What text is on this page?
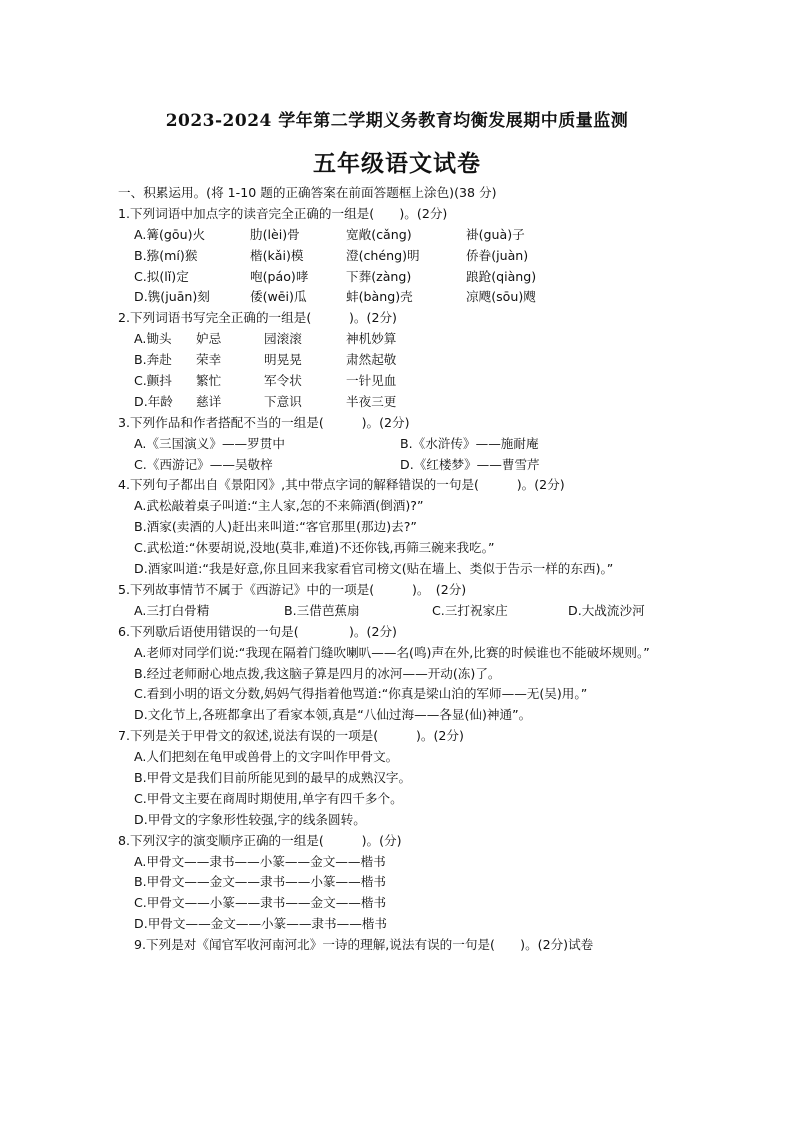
2023-2024 学年第二学期义务教育均衡发展期中质量监测
五年级语文试卷
一、积累运用。(将 1-10 题的正确答案在前面答题框上涂色)(38 分)
1.下列词语中加点字的读音完全正确的一组是(　　)。(2分)
A.篝(gōu)火	肋(lèi)骨	宽敞(cǎng)	褂(guà)子
B.猕(mí)猴	楷(kǎi)模	澄(chéng)明	侨眷(juàn)
C.拟(lǐ)定	咆(páo)哮	下葬(zàng)	踉跄(qiàng)
D.镌(juān)刻	倭(wēi)瓜	蚌(bàng)壳	凉飕(sōu)飕
2.下列词语书写完全正确的一组是(　　　)。(2分)
A.锄头	妒忌	园滚滚	神机妙算
B.奔赴	荣幸	明晃晃	肃然起敬
C.颤抖	繁忙	军令状	一针见血
D.年龄	慈详	下意识	半夜三更
3.下列作品和作者搭配不当的一组是(　　　)。(2分)
A.《三国演义》——罗贯中	B.《水浒传》——施耐庵
C.《西游记》——吴敬梓	D.《红楼梦》——曹雪芹
4.下列句子都出自《景阳冈》,其中带点字词的解释错误的一句是(　　　)。(2分)
A.武松敲着桌子叫道:“主人家,怎的不来筛酒(倒酒)?”
B.酒家(卖酒的人)赶出来叫道:“客官那里(那边)去?”
C.武松道:“休要胡说,没地(莫非,难道)不还你钱,再筛三碗来我吃。”
D.酒家叫道:“我是好意,你且回来我家看官司榜文(贴在墙上、类似于告示一样的东西)。”
5.下列故事情节不属于《西游记》中的一项是(　　　)。　(2分)
A.三打白骨精	B.三借芭蕉扇	C.三打祝家庄	D.大战流沙河
6.下列歇后语使用错误的一句是(　　　　)。(2分)
A.老师对同学们说:“我现在隔着门缝吹喇叭——名(鸣)声在外,比赛的时候谁也不能破坏规则。”
B.经过老师耐心地点拨,我这脑子算是四月的冰河——开动(冻)了。
C.看到小明的语文分数,妈妈气得指着他骂道:“你真是梁山泊的军师——无(吴)用。”
D.文化节上,各班都拿出了看家本领,真是“八仙过海——各显(仙)神通”。
7.下列是关于甲骨文的叙述,说法有误的一项是(　　　)。(2分)
A.人们把刻在龟甲或兽骨上的文字叫作甲骨文。
B.甲骨文是我们目前所能见到的最早的成熟汉字。
C.甲骨文主要在商周时期使用,单字有四千多个。
D.甲骨文的字象形性较强,字的线条圆转。
8.下列汉字的演变顺序正确的一组是(　　　)。(分)
A.甲骨文——隶书——小篆——金文——楷书
B.甲骨文——金文——隶书——小篆——楷书
C.甲骨文——小篆——隶书——金文——楷书
D.甲骨文——金文——小篆——隶书——楷书
9.下列是对《闻官军收河南河北》一诗的理解,说法有误的一句是(　　)。(2分)试卷
